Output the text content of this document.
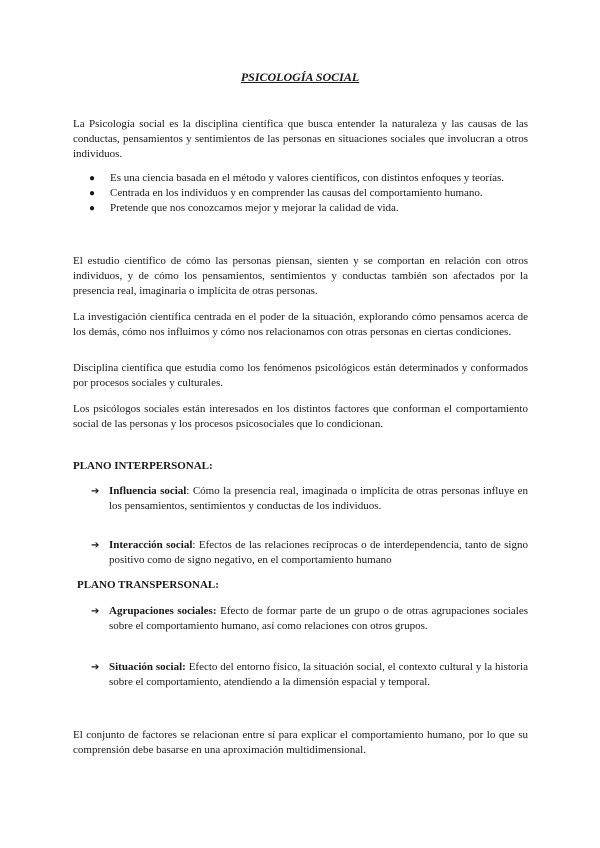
PSICOLOGÍA SOCIAL
La Psicología social es la disciplina científica que busca entender la naturaleza y las causas de las conductas, pensamientos y sentimientos de las personas en situaciones sociales que involucran a otros individuos.
● Es una ciencia basada en el método y valores científicos, con distintos enfoques y teorías.
● Centrada en los individuos y en comprender las causas del comportamiento humano.
● Pretende que nos conozcamos mejor y mejorar la calidad de vida.
El estudio científico de cómo las personas piensan, sienten y se comportan en relación con otros individuos, y de cómo los pensamientos, sentimientos y conductas también son afectados por la presencia real, imaginaria o implícita de otras personas.
La investigación científica centrada en el poder de la situación, explorando cómo pensamos acerca de los demás, cómo nos influimos y cómo nos relacionamos con otras personas en ciertas condiciones.
Disciplina científica que estudia como los fenómenos psicológicos están determinados y conformados por procesos sociales y culturales.
Los psicólogos sociales están interesados en los distintos factores que conforman el comportamiento social de las personas y los procesos psicosociales que lo condicionan.
PLANO INTERPERSONAL:
➔ Influencia social: Cómo la presencia real, imaginada o implícita de otras personas influye en los pensamientos, sentimientos y conductas de los individuos.
➔ Interacción social: Efectos de las relaciones recíprocas o de interdependencia, tanto de signo positivo como de signo negativo, en el comportamiento humano
PLANO TRANSPERSONAL:
➔ Agrupaciones sociales: Efecto de formar parte de un grupo o de otras agrupaciones sociales sobre el comportamiento humano, así como relaciones con otros grupos.
➔ Situación social: Efecto del entorno físico, la situación social, el contexto cultural y la historia sobre el comportamiento, atendiendo a la dimensión espacial y temporal.
El conjunto de factores se relacionan entre sí para explicar el comportamiento humano, por lo que su comprensión debe basarse en una aproximación multidimensional.
